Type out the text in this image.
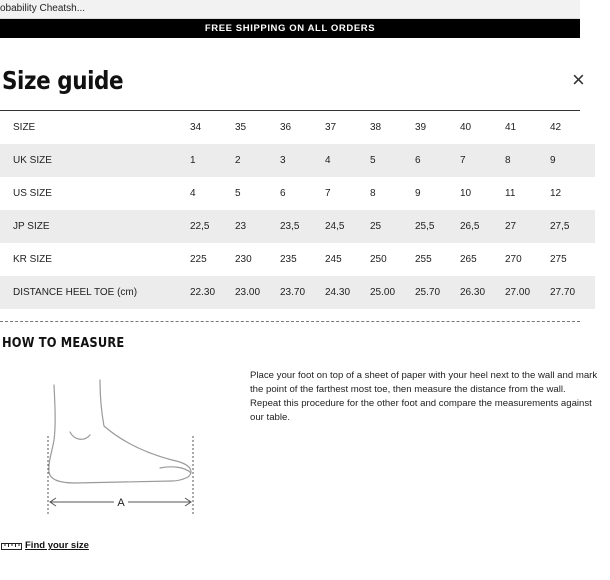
obability Cheatsh...
FREE SHIPPING ON ALL ORDERS
Size guide	×
SIZE	34	35	36	37	38	39	40	41	42
UK SIZE	1	2	3	4	5	6	7	8	9
US SIZE	4	5	6	7	8	9	10	11	12
JP SIZE	22,5	23	23,5	24,5	25	25,5	26,5	27	27,5
KR SIZE	225	230	235	245	250	255	265	270	275
DISTANCE HEEL TOE (cm)	22.30	23.00	23.70	24.30	25.00	25.70	26.30	27.00	27.70
HOW TO MEASURE
A

Place your foot on top of a sheet of paper with your heel next to the wall and mark

the point of the farthest most toe, then measure the distance from the wall.

Repeat this procedure for the other foot and compare the measurements against

our table.

Find your size
